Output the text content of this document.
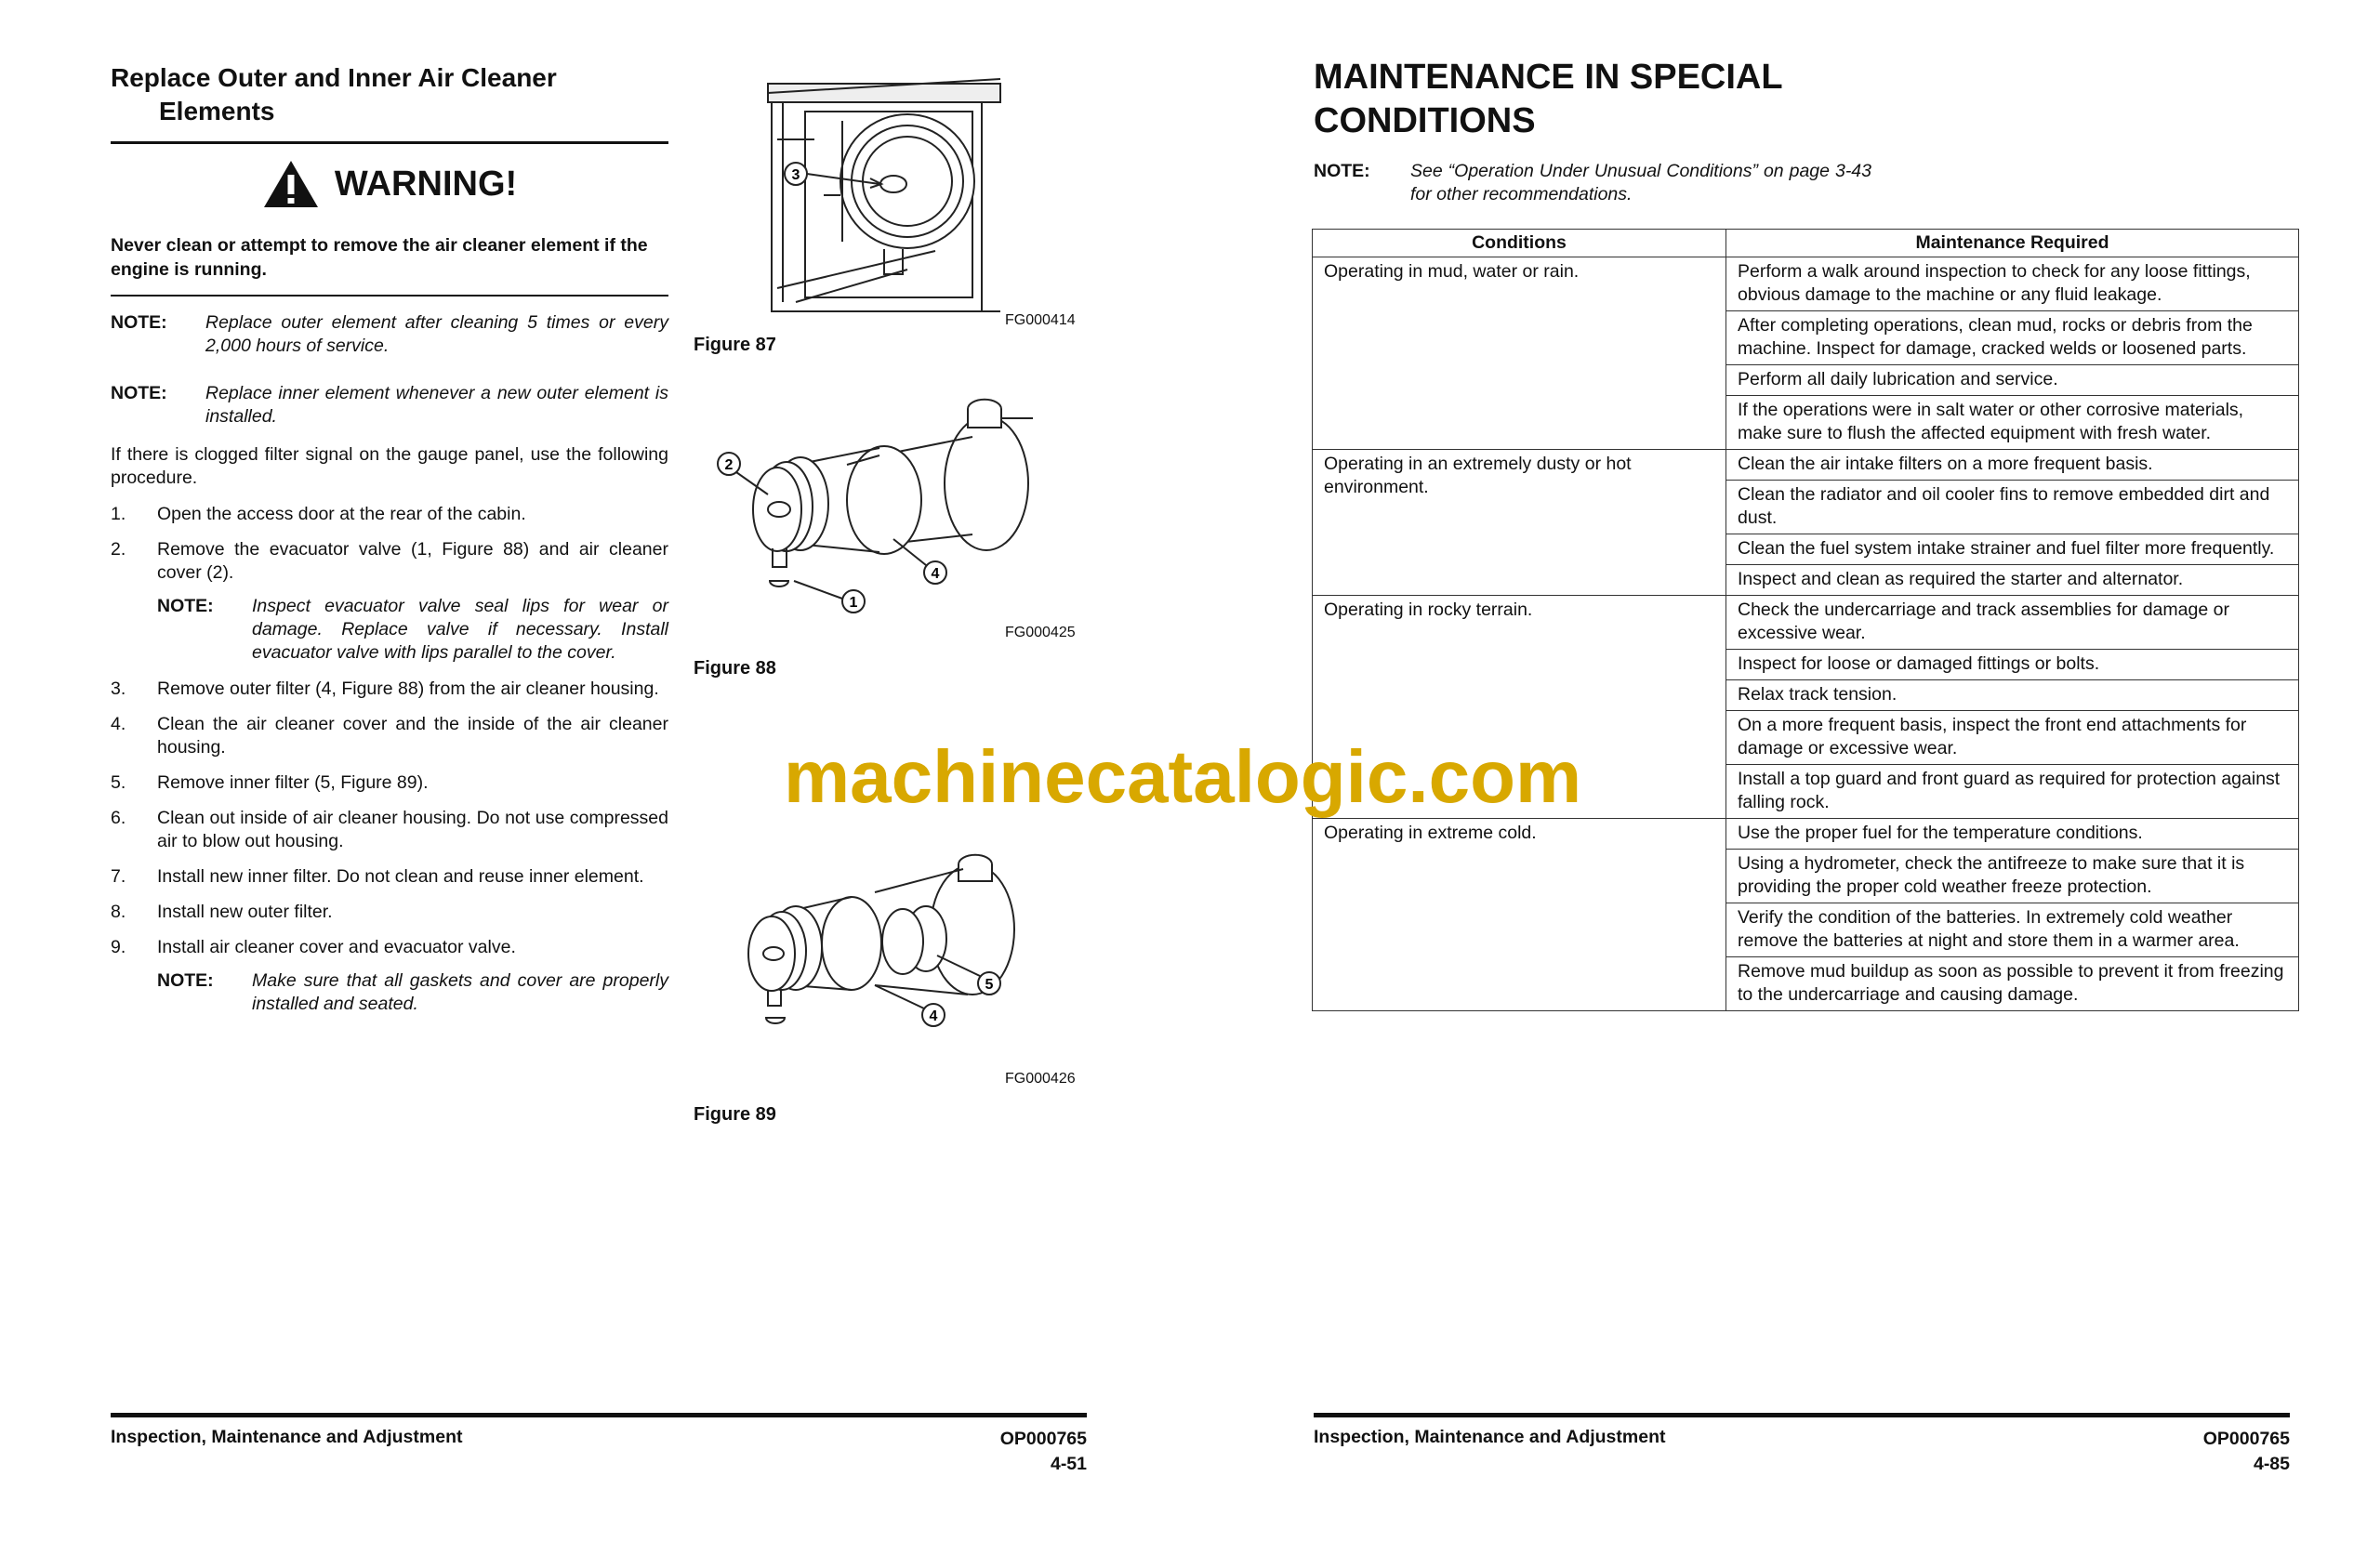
Replace Outer and Inner Air Cleaner
Elements
WARNING!
Never clean or attempt to remove the air cleaner element if the engine is running.
NOTE:	Replace outer element after cleaning 5 times or every 2,000 hours of service.
NOTE:	Replace inner element whenever a new outer element is installed.
If there is clogged filter signal on the gauge panel, use the following procedure.
1.	Open the access door at the rear of the cabin.
2.	Remove the evacuator valve (1, Figure 88) and air cleaner cover (2).
NOTE:	Inspect evacuator valve seal lips for wear or damage. Replace valve if necessary. Install evacuator valve with lips parallel to the cover.
3.	Remove outer filter (4, Figure 88) from the air cleaner housing.
4.	Clean the air cleaner cover and the inside of the air cleaner housing.
5.	Remove inner filter (5, Figure 89).
6.	Clean out inside of air cleaner housing. Do not use compressed air to blow out housing.
7.	Install new inner filter. Do not clean and reuse inner element.
8.	Install new outer filter.
9.	Install air cleaner cover and evacuator valve.
NOTE:	Make sure that all gaskets and cover are properly installed and seated.
3
FG000414
Figure 87
2
4
1
FG000425
Figure 88
5
4
FG000426
Figure 89
Inspection, Maintenance and Adjustment	OP000765
4-51
MAINTENANCE IN SPECIAL
CONDITIONS
NOTE:	See “Operation Under Unusual Conditions” on page 3-43 for other recommendations.
Conditions	Maintenance Required
Operating in mud, water or rain.	Perform a walk around inspection to check for any loose fittings, obvious damage to the machine or any fluid leakage.
	After completing operations, clean mud, rocks or debris from the machine. Inspect for damage, cracked welds or loosened parts.
	Perform all daily lubrication and service.
	If the operations were in salt water or other corrosive materials, make sure to flush the affected equipment with fresh water.
Operating in an extremely dusty or hot environment.	Clean the air intake filters on a more frequent basis.
	Clean the radiator and oil cooler fins to remove embedded dirt and dust.
	Clean the fuel system intake strainer and fuel filter more frequently.
	Inspect and clean as required the starter and alternator.
Operating in rocky terrain.	Check the undercarriage and track assemblies for damage or excessive wear.
	Inspect for loose or damaged fittings or bolts.
	Relax track tension.
	On a more frequent basis, inspect the front end attachments for damage or excessive wear.
	Install a top guard and front guard as required for protection against falling rock.
Operating in extreme cold.	Use the proper fuel for the temperature conditions.
	Using a hydrometer, check the antifreeze to make sure that it is providing the proper cold weather freeze protection.
	Verify the condition of the batteries. In extremely cold weather remove the batteries at night and store them in a warmer area.
	Remove mud buildup as soon as possible to prevent it from freezing to the undercarriage and causing damage.
Inspection, Maintenance and Adjustment	OP000765
4-85
machinecatalogic.com
